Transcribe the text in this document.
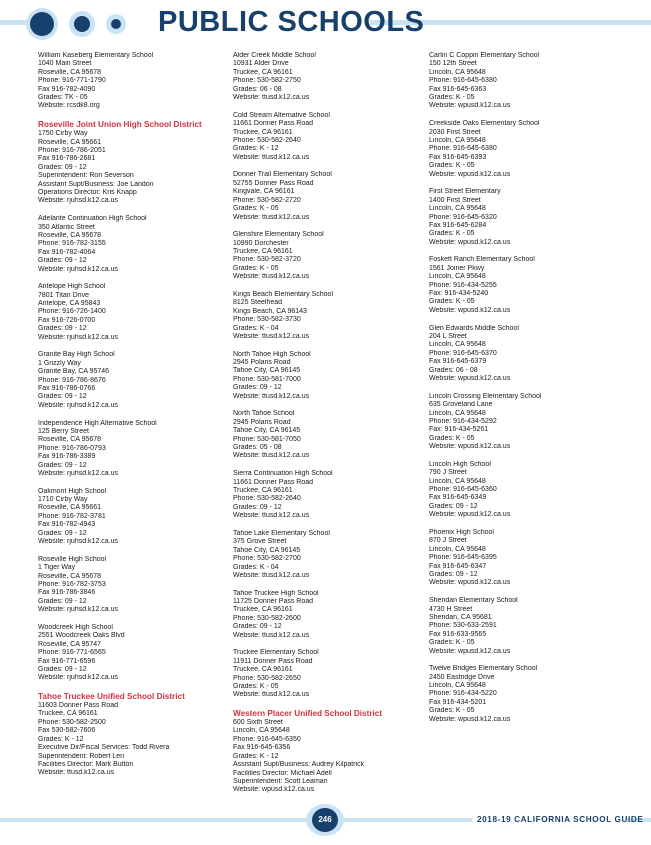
PUBLIC SCHOOLS
William Kaseberg Elementary School
1040 Main Street
Roseville, CA 95678
Phone: 916-771-1790
Fax 916-782-4090
Grades: TK - 05
Website: rcsdk8.org
Roseville Joint Union High School District
1750 Cirby Way
Roseville, CA 95661
Phone: 916-786-2051
Fax 916-786-2681
Grades: 09 - 12
Superintendent: Ron Severson
Assistant Supt/Business: Joe Landon
Operations Director: Kris Knapp
Website: rjuhsd.k12.ca.us
Adelante Continuation High School
350 Atlantic Street
Roseville, CA 95678
Phone: 916-782-3155
Fax 916-782-4064
Grades: 09 - 12
Website: rjuhsd.k12.ca.us
Antelope High School
7801 Titan Drive
Antelope, CA 95843
Phone: 916-726-1400
Fax 916-726-0700
Grades: 09 - 12
Website: rjuhsd.k12.ca.us
Granite Bay High School
1 Grizzly Way
Granite Bay, CA 95746
Phone: 916-786-8676
Fax 916-786-0766
Grades: 09 - 12
Website: rjuhsd.k12.ca.us
Independence High Alternative School
125 Berry Street
Roseville, CA 95678
Phone: 916-786-0793
Fax 916-786-3389
Grades: 09 - 12
Website: rjuhsd.k12.ca.us
Oakmont High School
1710 Cirby Way
Roseville, CA 95661
Phone: 916-782-3781
Fax 916-782-4943
Grades: 09 - 12
Website: rjuhsd.k12.ca.us
Roseville High School
1 Tiger Way
Roseville, CA 95678
Phone: 916-782-3753
Fax 916-786-3846
Grades: 09 - 12
Website: rjuhsd.k12.ca.us
Woodcreek High School
2551 Woodcreek Oaks Blvd
Roseville, CA 95747
Phone: 916-771-6565
Fax 916-771-6596
Grades: 09 - 12
Website: rjuhsd.k12.ca.us
Tahoe Truckee Unified School District
11603 Donner Pass Road
Truckee, CA 96161
Phone: 530-582-2500
Fax 530-582-7606
Grades: K - 12
Executive Dir/Fiscal Services: Todd Rivera
Superintendent: Robert Leri
Facilities Director: Mark Button
Website: ttusd.k12.ca.us
Alder Creek Middle School
10931 Alder Drive
Truckee, CA 96161
Phone: 530-582-2750
Grades: 06 - 08
Website: ttusd.k12.ca.us
Cold Stream Alternative School
11661 Donner Pass Road
Truckee, CA 96161
Phone: 530-582-2640
Grades: K - 12
Website: ttusd.k12.ca.us
Donner Trail Elementary School
52755 Donner Pass Road
Kingvale, CA 96161
Phone: 530-582-2720
Grades: K - 05
Website: ttusd.k12.ca.us
Glenshire Elementary School
10990 Dorchester
Truckee, CA 96161
Phone: 530-582-3720
Grades: K - 05
Website: ttusd.k12.ca.us
Kings Beach Elementary School
8125 Steelhead
Kings Beach, CA 96143
Phone: 530-582-3730
Grades: K - 04
Website: ttusd.k12.ca.us
North Tahoe High School
2945 Polaris Road
Tahoe City, CA 96145
Phone: 530-581-7000
Grades: 09 - 12
Website: ttusd.k12.ca.us
North Tahoe School
2945 Polaris Road
Tahoe City, CA 96145
Phone: 530-581-7050
Grades: 05 - 08
Website: ttusd.k12.ca.us
Sierra Continuation High School
11661 Donner Pass Road
Truckee, CA 96161
Phone: 530-582-2640
Grades: 09 - 12
Website: ttusd.k12.ca.us
Tahoe Lake Elementary School
375 Grove Street
Tahoe City, CA 96145
Phone: 530-582-2700
Grades: K - 04
Website: ttusd.k12.ca.us
Tahoe Truckee High School
11725 Donner Pass Road
Truckee, CA 96161
Phone: 530-582-2600
Grades: 09 - 12
Website: ttusd.k12.ca.us
Truckee Elementary School
11911 Donner Pass Road
Truckee, CA 96161
Phone: 530-582-2650
Grades: K - 05
Website: ttusd.k12.ca.us
Western Placer Unified School District
600 Sixth Street
Lincoln, CA 95648
Phone: 916-645-6350
Fax 916-645-6356
Grades: K - 12
Assistant Supt/Business: Audrey Kilpatrick
Facilities Director: Michael Adell
Superintendent: Scott Leaman
Website: wpusd.k12.ca.us
Carlin C Coppin Elementary School
150 12th Street
Lincoln, CA 95648
Phone: 916-645-6380
Fax 916-645-6363
Grades: K - 05
Website: wpusd.k12.ca.us
Creekside Oaks Elementary School
2030 First Street
Lincoln, CA 95648
Phone: 916-645-6380
Fax 916-645-6393
Grades: K - 05
Website: wpusd.k12.ca.us
First Street Elementary
1400 First Street
Lincoln, CA 95648
Phone: 916-645-6320
Fax 916-645-6284
Grades: K - 05
Website: wpusd.k12.ca.us
Foskett Ranch Elementary School
1561 Joiner Pkwy
Lincoln, CA 95648
Phone: 916-434-5255
Fax: 916-434-5240
Grades: K - 05
Website: wpusd.k12.ca.us
Glen Edwards Middle School
204 L Street
Lincoln, CA 95648
Phone: 916-645-6370
Fax 916-645-6379
Grades: 06 - 08
Website: wpusd.k12.ca.us
Lincoln Crossing Elementary School
635 Groveland Lane
Lincoln, CA 95648
Phone: 916-434-5292
Fax: 916-434-5261
Grades: K - 05
Website: wpusd.k12.ca.us
Lincoln High School
790 J Street
Lincoln, CA 95648
Phone: 916-645-6360
Fax 916-645-6349
Grades: 09 - 12
Website: wpusd.k12.ca.us
Phoenix High School
870 J Street
Lincoln, CA 95648
Phone: 916-645-6395
Fax 916-645-6347
Grades: 09 - 12
Website: wpusd.k12.ca.us
Sheridan Elementary School
4730 H Street
Sheridan, CA 95681
Phone: 530-633-2591
Fax 916-633-9565
Grades: K - 05
Website: wpusd.k12.ca.us
Twelve Bridges Elementary School
2450 Eastridge Drive
Lincoln, CA 95648
Phone: 916-434-5220
Fax 916-434-5201
Grades: K - 05
Website: wpusd.k12.ca.us
246	2018-19 CALIFORNIA SCHOOL GUIDE
